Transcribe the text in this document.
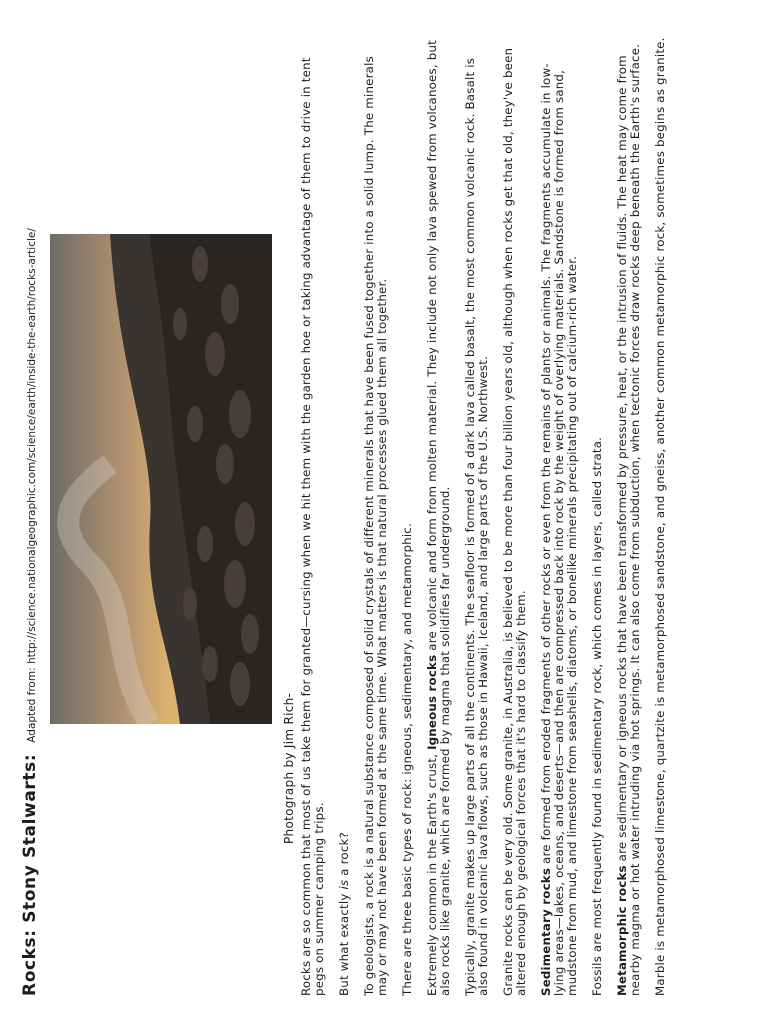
Rocks: Stony Stalwarts: Adapted from: http://science.nationalgeographic.com/science/earth/inside-the-earth/rocks-article/
Photograph by Jim Rich- Rocks are so common that most of us take them for granted—cursing when we hit them with the garden hoe or taking advantage of them to drive in tent pegs on summer camping trips. But what exactly is a rock? To geologists, a rock is a natural substance composed of solid crystals of different minerals that have been fused together into a solid lump. The minerals may or may not have been formed at the same time. What matters is that natural processes glued them all together. There are three basic types of rock: igneous, sedimentary, and metamorphic. Extremely common in the Earth's crust, Igneous rocks are volcanic and form from molten material. They include not only lava spewed from volcanoes, but also rocks like granite, which are formed by magma that solidifies far underground. Typically, granite makes up large parts of all the continents. The seafloor is formed of a dark lava called basalt, the most common volcanic rock. Basalt is also found in volcanic lava flows, such as those in Hawaii, Iceland, and large parts of the U.S. Northwest. Granite rocks can be very old. Some granite, in Australia, is believed to be more than four billion years old, although when rocks get that old, they've been altered enough by geological forces that it's hard to classify them. Sedimentary rocks are formed from eroded fragments of other rocks or even from the remains of plants or animals. The fragments accumulate in low-lying areas—lakes, oceans, and deserts—and then are compressed back into rock by the weight of overlying materials. Sandstone is formed from sand, mudstone from mud, and limestone from seashells, diatoms, or bonelike minerals precipitating out of calcium-rich water. Fossils are most frequently found in sedimentary rock, which comes in layers, called strata. Metamorphic rocks are sedimentary or igneous rocks that have been transformed by pressure, heat, or the intrusion of fluids. The heat may come from nearby magma or hot water intruding via hot springs. It can also come from subduction, when tectonic forces draw rocks deep beneath the Earth's surface. Marble is metamorphosed limestone, quartzite is metamorphosed sandstone, and gneiss, another common metamorphic rock, sometimes begins as granite.
